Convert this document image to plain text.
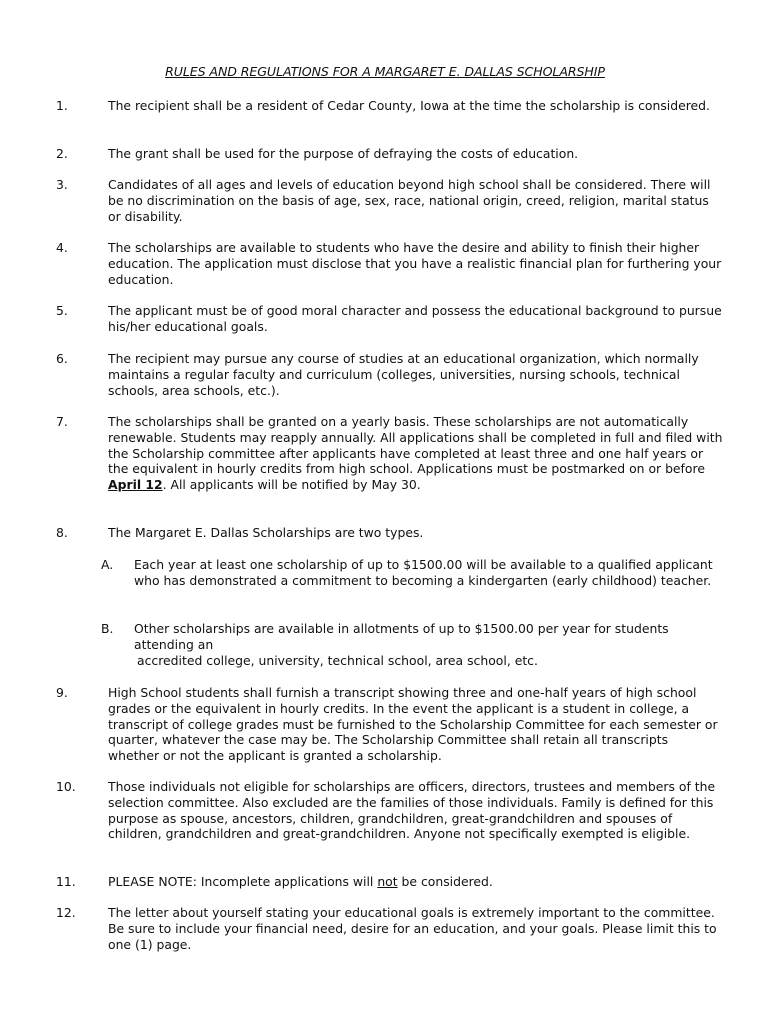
RULES AND REGULATIONS FOR A MARGARET E. DALLAS SCHOLARSHIP
1.	The recipient shall be a resident of Cedar County, Iowa at the time the scholarship is considered.
2.	The grant shall be used for the purpose of defraying the costs of education.
3.	Candidates of all ages and levels of education beyond high school shall be considered. There will be no discrimination on the basis of age, sex, race, national origin, creed, religion, marital status or disability.
4.	The scholarships are available to students who have the desire and ability to finish their higher education. The application must disclose that you have a realistic financial plan for furthering your education.
5.	The applicant must be of good moral character and possess the educational background to pursue his/her educational goals.
6.	The recipient may pursue any course of studies at an educational organization, which normally maintains a regular faculty and curriculum (colleges, universities, nursing schools, technical schools, area schools, etc.).
7.	The scholarships shall be granted on a yearly basis. These scholarships are not automatically renewable. Students may reapply annually. All applications shall be completed in full and filed with the Scholarship committee after applicants have completed at least three and one half years or the equivalent in hourly credits from high school. Applications must be postmarked on or before April 12. All applicants will be notified by May 30.
8.	The Margaret E. Dallas Scholarships are two types.
A. Each year at least one scholarship of up to $1500.00 will be available to a qualified applicant who has demonstrated a commitment to becoming a kindergarten (early childhood) teacher.
B. Other scholarships are available in allotments of up to $1500.00 per year for students attending an
accredited college, university, technical school, area school, etc.
9.	High School students shall furnish a transcript showing three and one-half years of high school grades or the equivalent in hourly credits. In the event the applicant is a student in college, a transcript of college grades must be furnished to the Scholarship Committee for each semester or quarter, whatever the case may be. The Scholarship Committee shall retain all transcripts whether or not the applicant is granted a scholarship.
10.	Those individuals not eligible for scholarships are officers, directors, trustees and members of the selection committee. Also excluded are the families of those individuals. Family is defined for this purpose as spouse, ancestors, children, grandchildren, great-grandchildren and spouses of children, grandchildren and great-grandchildren. Anyone not specifically exempted is eligible.
11.	PLEASE NOTE: Incomplete applications will not be considered.
12.	The letter about yourself stating your educational goals is extremely important to the committee. Be sure to include your financial need, desire for an education, and your goals. Please limit this to one (1) page.
